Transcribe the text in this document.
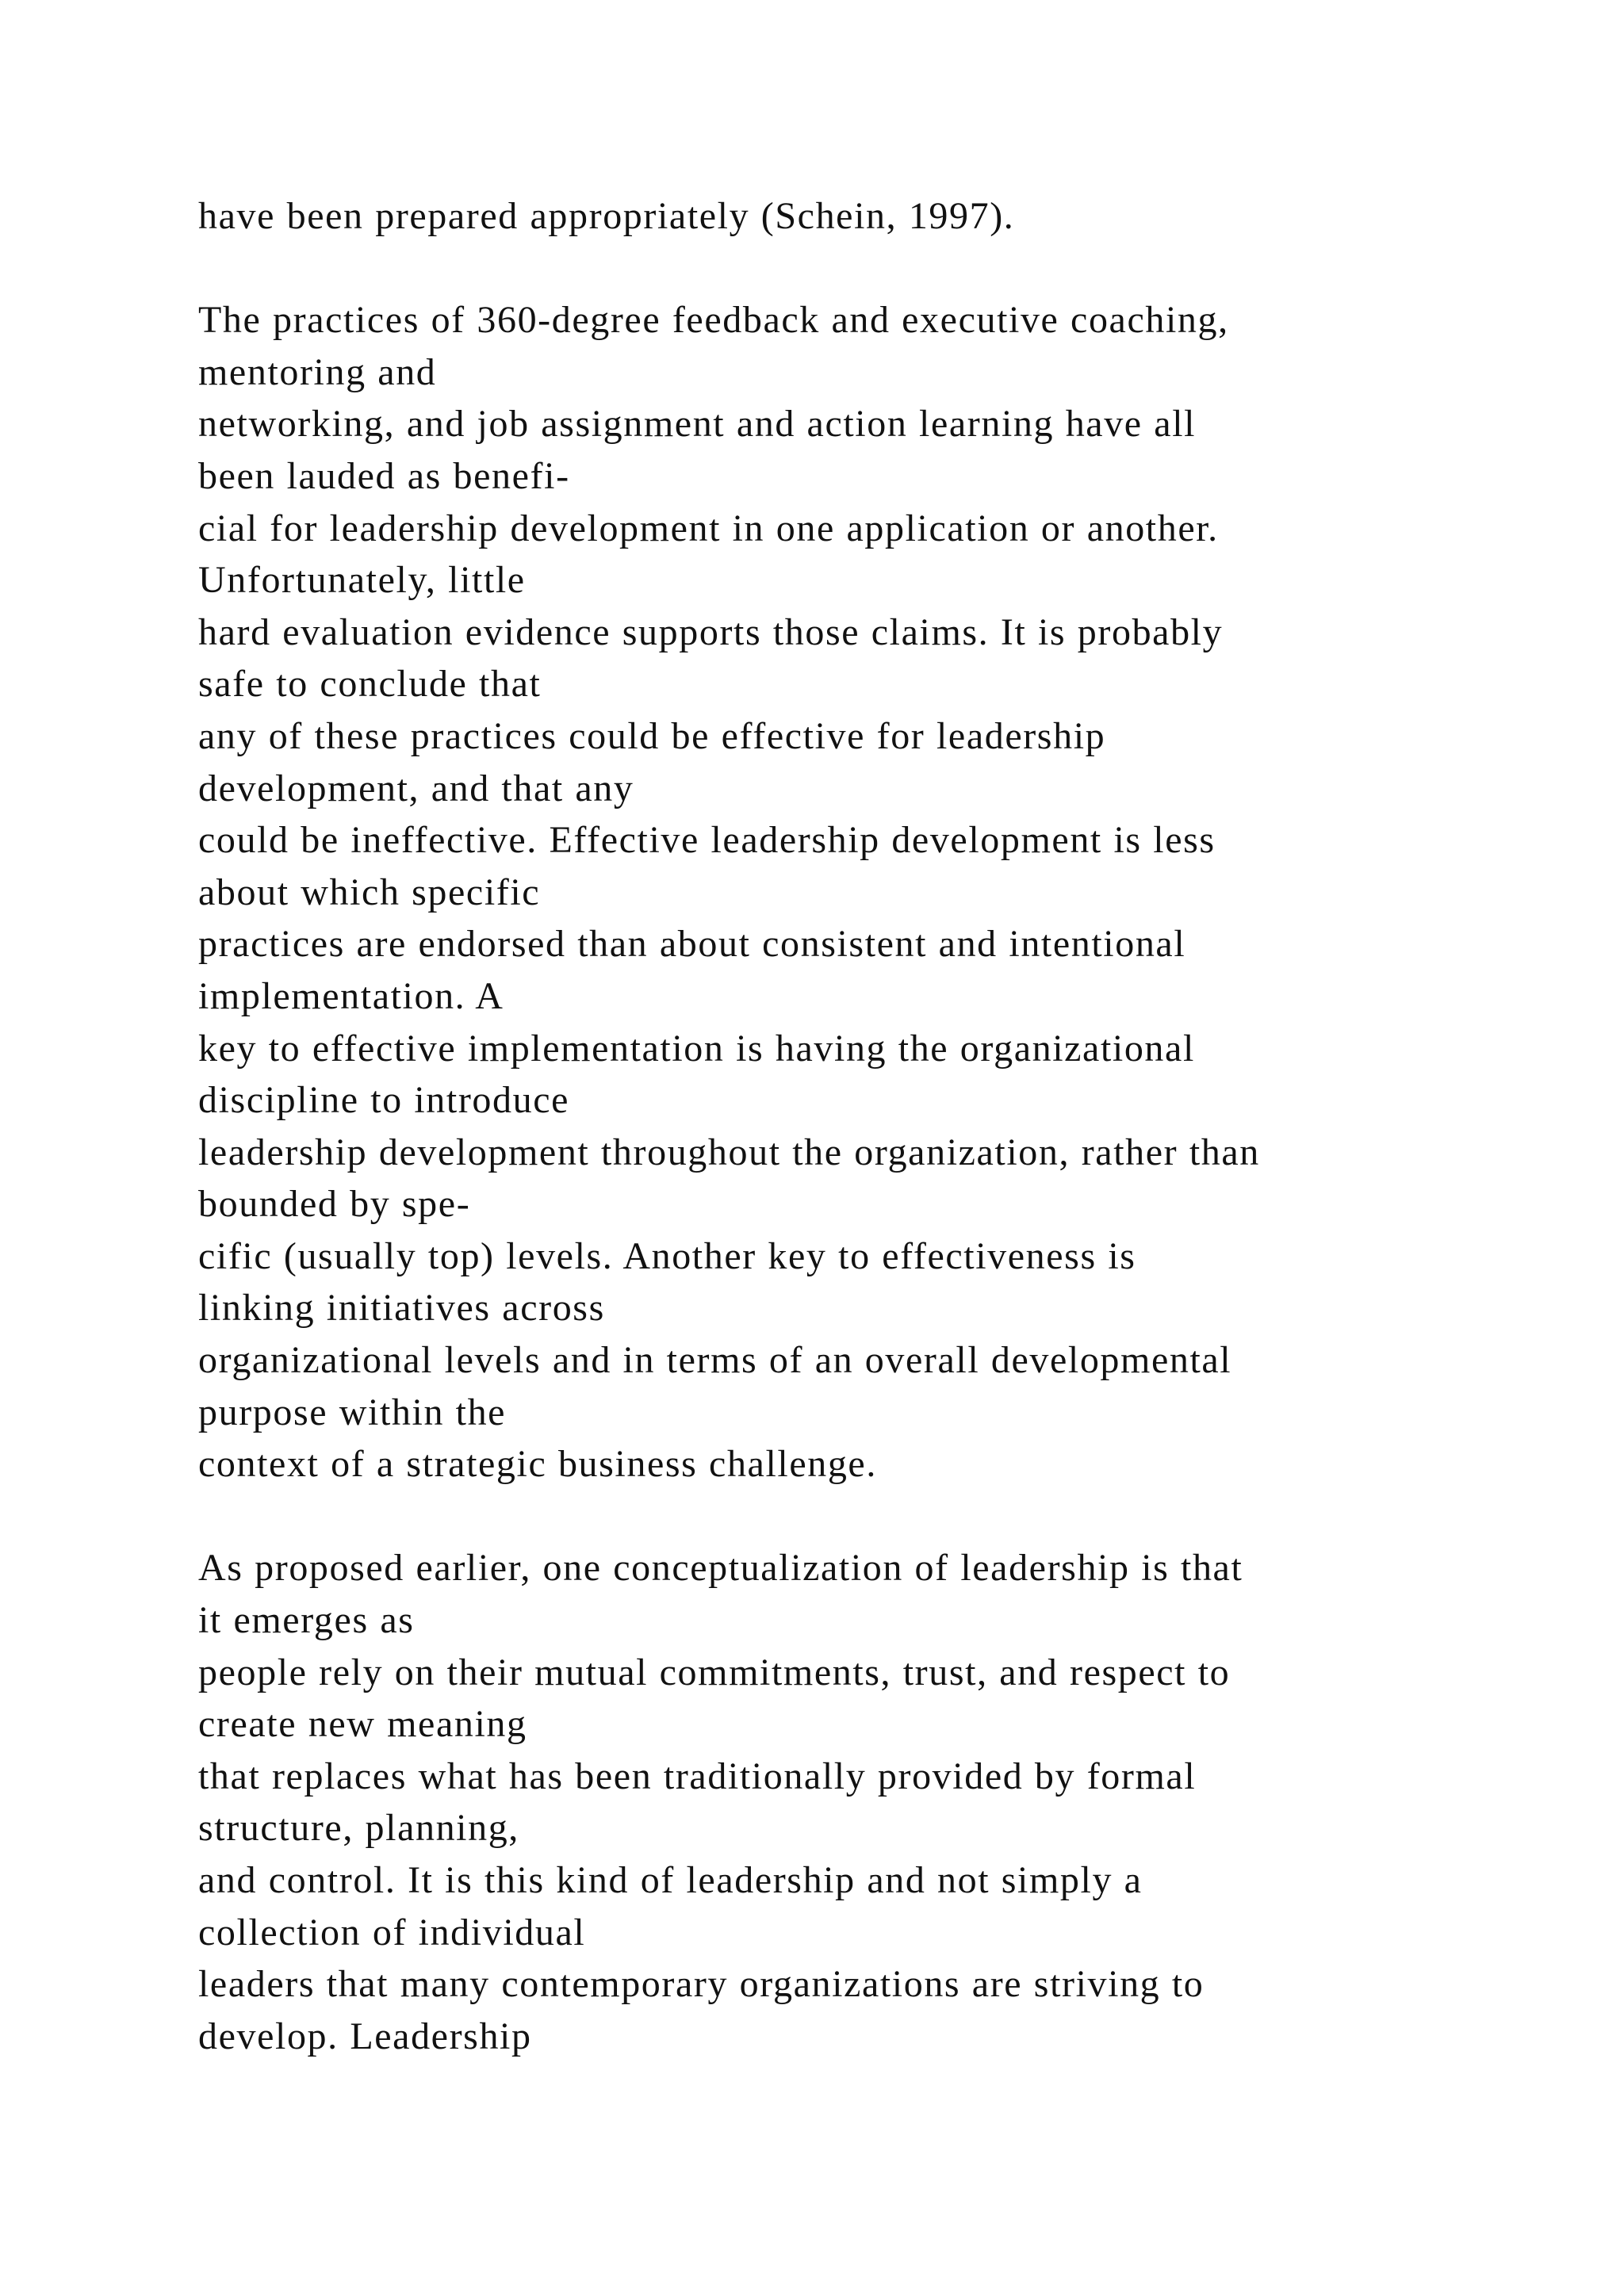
have been prepared appropriately (Schein, 1997).
The practices of 360-degree feedback and executive coaching,
mentoring and
networking, and job assignment and action learning have all
been lauded as benefi-
cial for leadership development in one application or another.
Unfortunately, little
hard evaluation evidence supports those claims. It is probably
safe to conclude that
any of these practices could be effective for leadership
development, and that any
could be ineffective. Effective leadership development is less
about which specific
practices are endorsed than about consistent and intentional
implementation. A
key to effective implementation is having the organizational
discipline to introduce
leadership development throughout the organization, rather than
bounded by spe-
cific (usually top) levels. Another key to effectiveness is
linking initiatives across
organizational levels and in terms of an overall developmental
purpose within the
context of a strategic business challenge.
As proposed earlier, one conceptualization of leadership is that
it emerges as
people rely on their mutual commitments, trust, and respect to
create new meaning
that replaces what has been traditionally provided by formal
structure, planning,
and control. It is this kind of leadership and not simply a
collection of individual
leaders that many contemporary organizations are striving to
develop. Leadership
